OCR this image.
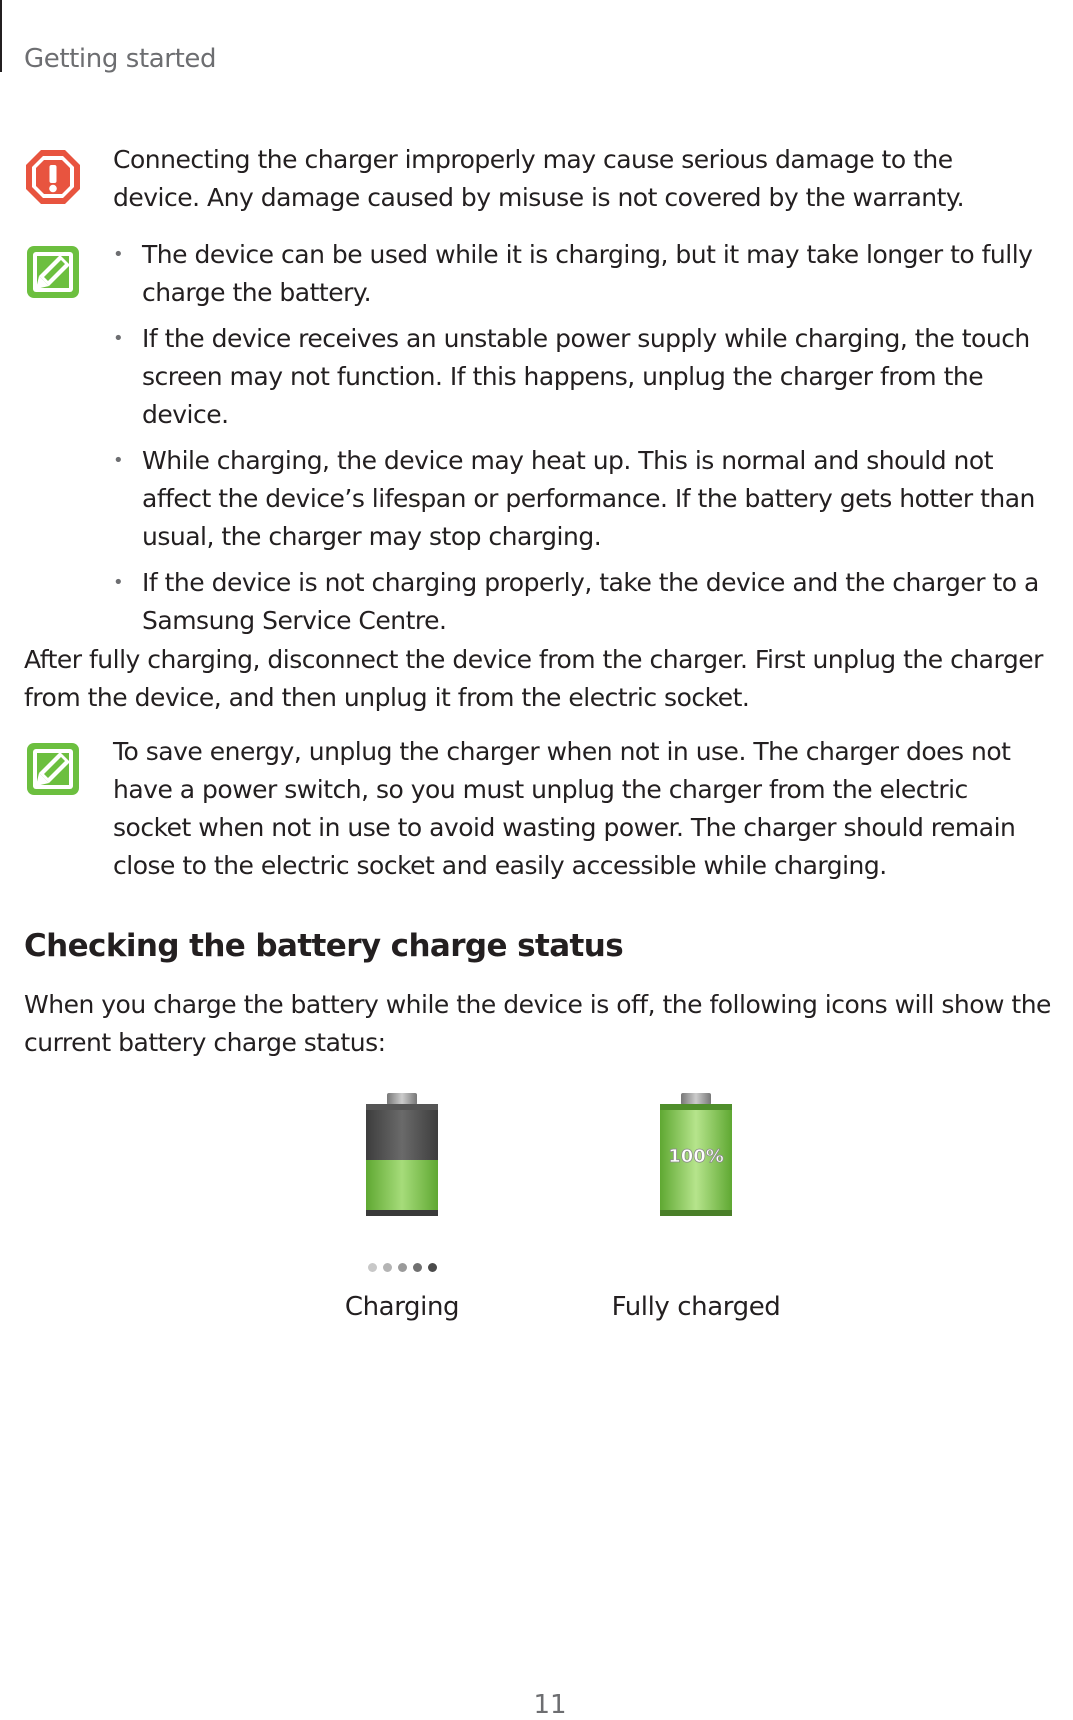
Getting started
Connecting the charger improperly may cause serious damage to the device. Any damage caused by misuse is not covered by the warranty.
• The device can be used while it is charging, but it may take longer to fully charge the battery.
• If the device receives an unstable power supply while charging, the touch screen may not function. If this happens, unplug the charger from the device.
• While charging, the device may heat up. This is normal and should not affect the device’s lifespan or performance. If the battery gets hotter than usual, the charger may stop charging.
• If the device is not charging properly, take the device and the charger to a Samsung Service Centre.
After fully charging, disconnect the device from the charger. First unplug the charger from the device, and then unplug it from the electric socket.
To save energy, unplug the charger when not in use. The charger does not have a power switch, so you must unplug the charger from the electric socket when not in use to avoid wasting power. The charger should remain close to the electric socket and easily accessible while charging.
Checking the battery charge status
When you charge the battery while the device is off, the following icons will show the current battery charge status:
Charging
100%
Fully charged
11
